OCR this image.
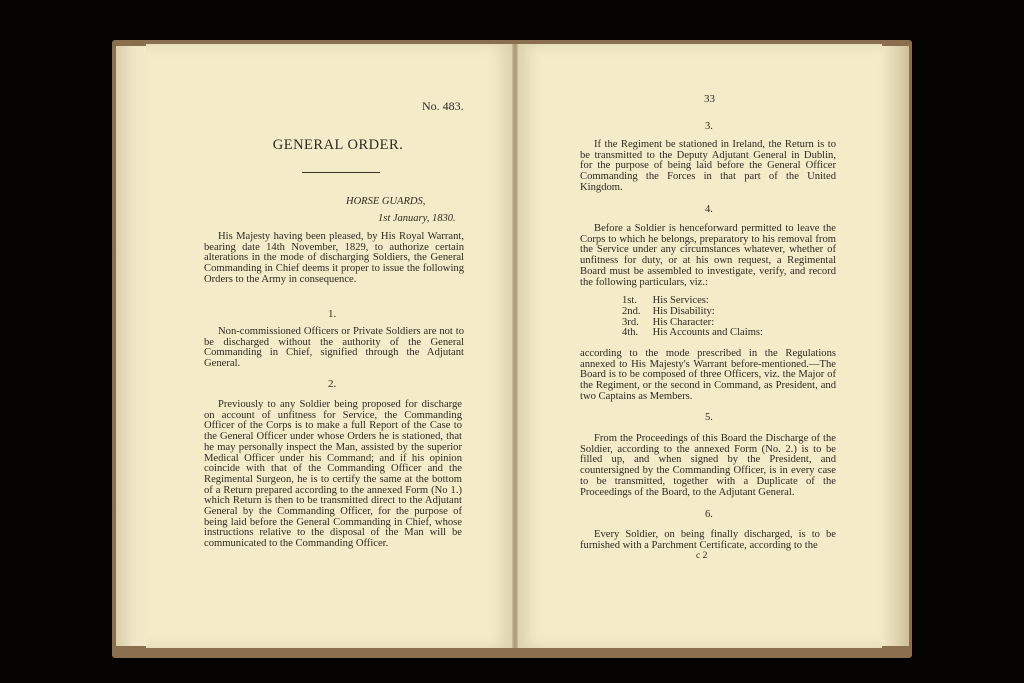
No. 483.
GENERAL ORDER.
HORSE GUARDS,
1st January, 1830.
His Majesty having been pleased, by His Royal Warrant, bearing date 14th November, 1829, to authorize certain alterations in the mode of discharging Soldiers, the General Commanding in Chief deems it proper to issue the following Orders to the Army in consequence.
1.
Non-commissioned Officers or Private Soldiers are not to be discharged without the authority of the General Commanding in Chief, signified through the Adjutant General.
2.
Previously to any Soldier being proposed for discharge on account of unfitness for Service, the Commanding Officer of the Corps is to make a full Report of the Case to the General Officer under whose Orders he is stationed, that he may personally inspect the Man, assisted by the superior Medical Officer under his Command; and if his opinion coincide with that of the Commanding Officer and the Regimental Surgeon, he is to certify the same at the bottom of a Return prepared according to the annexed Form (No 1.) which Return is then to be transmitted direct to the Adjutant General by the Commanding Officer, for the purpose of being laid before the General Commanding in Chief, whose instructions relative to the disposal of the Man will be communicated to the Commanding Officer.
33
3.
If the Regiment be stationed in Ireland, the Return is to be transmitted to the Deputy Adjutant General in Dublin, for the purpose of being laid before the General Officer Commanding the Forces in that part of the United Kingdom.
4.
Before a Soldier is henceforward permitted to leave the Corps to which he belongs, preparatory to his removal from the Service under any circumstances whatever, whether of unfitness for duty, or at his own request, a Regimental Board must be assembled to investigate, verify, and record the following particulars, viz.:
1st. His Services:
2nd. His Disability:
3rd. His Character:
4th. His Accounts and Claims:
according to the mode prescribed in the Regulations annexed to His Majesty's Warrant before-mentioned.—The Board is to be composed of three Officers, viz. the Major of the Regiment, or the second in Command, as President, and two Captains as Members.
5.
From the Proceedings of this Board the Discharge of the Soldier, according to the annexed Form (No. 2.) is to be filled up, and when signed by the President, and countersigned by the Commanding Officer, is in every case to be transmitted, together with a Duplicate of the Proceedings of the Board, to the Adjutant General.
6.
Every Soldier, on being finally discharged, is to be furnished with a Parchment Certificate, according to the
c 2
